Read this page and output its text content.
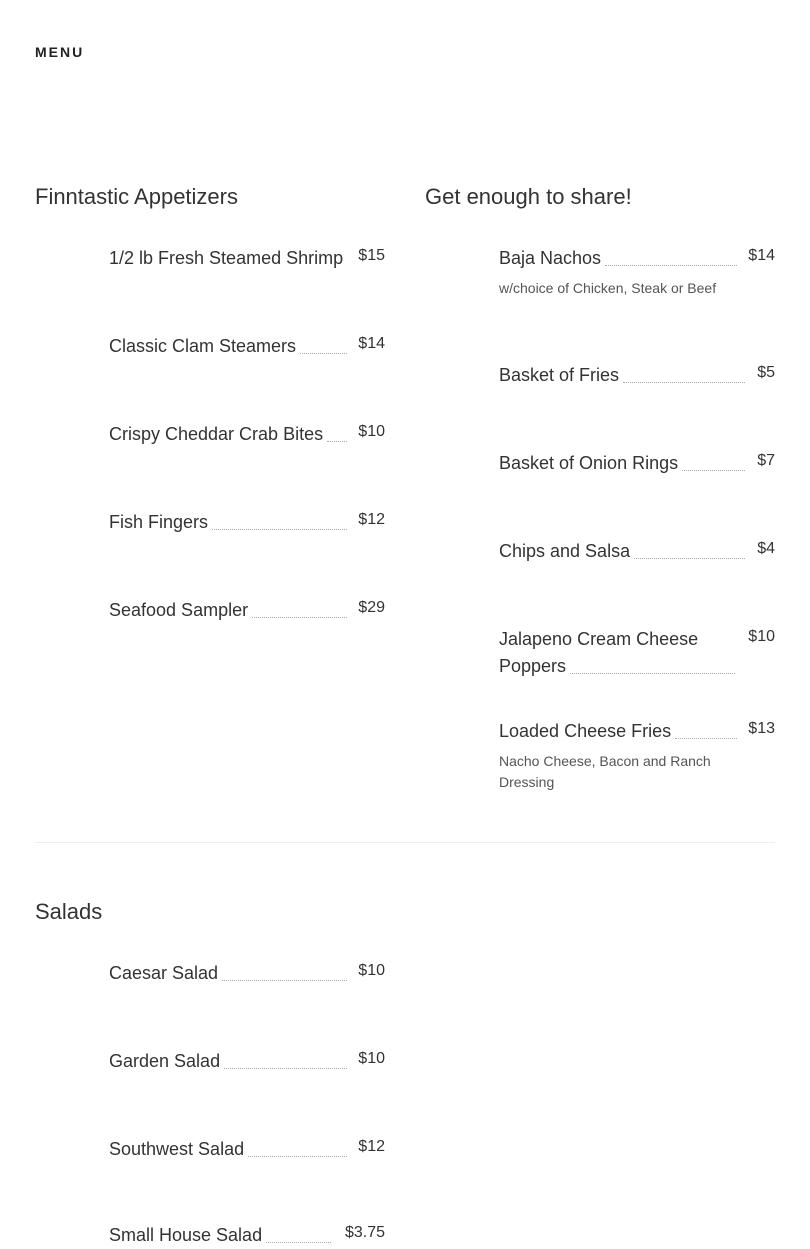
MENU
Finntastic Appetizers
1/2 lb Fresh Steamed Shrimp $15
Classic Clam Steamers	$14
Crispy Cheddar Crab Bites $10
Fish Fingers	$12
Seafood Sampler	$29
Get enough to share!
Baja Nachos	$14
w/choice of Chicken, Steak or Beef
Basket of Fries	$5
Basket of Onion Rings	$7
Chips and Salsa	$4
Jalapeno Cream Cheese
Poppers
$10
Loaded Cheese Fries	$13
Nacho Cheese, Bacon and Ranch Dressing
Salads
Caesar Salad	$10
Garden Salad	$10
Southwest Salad	$12
Small House Salad	$3.75
